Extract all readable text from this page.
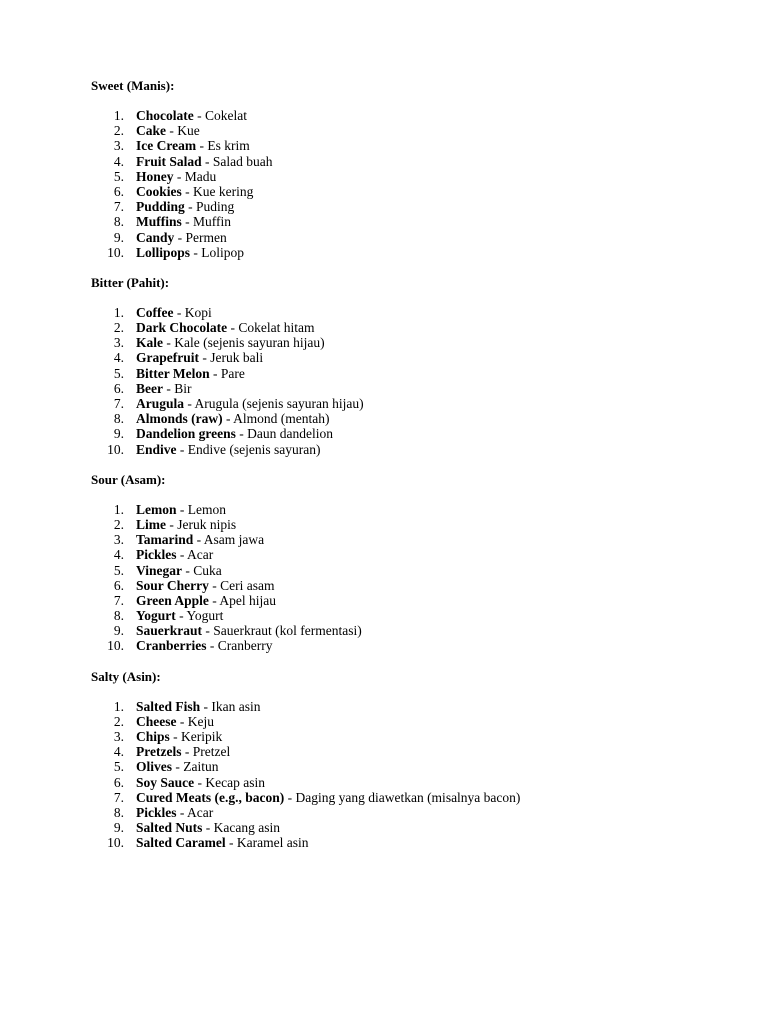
Sweet (Manis):

1. Chocolate - Cokelat
2. Cake - Kue
3. Ice Cream - Es krim
4. Fruit Salad - Salad buah
5. Honey - Madu
6. Cookies - Kue kering
7. Pudding - Puding
8. Muffins - Muffin
9. Candy - Permen
10. Lollipops - Lolipop

Bitter (Pahit):

1. Coffee - Kopi
2. Dark Chocolate - Cokelat hitam
3. Kale - Kale (sejenis sayuran hijau)
4. Grapefruit - Jeruk bali
5. Bitter Melon - Pare
6. Beer - Bir
7. Arugula - Arugula (sejenis sayuran hijau)
8. Almonds (raw) - Almond (mentah)
9. Dandelion greens - Daun dandelion
10. Endive - Endive (sejenis sayuran)

Sour (Asam):

1. Lemon - Lemon
2. Lime - Jeruk nipis
3. Tamarind - Asam jawa
4. Pickles - Acar
5. Vinegar - Cuka
6. Sour Cherry - Ceri asam
7. Green Apple - Apel hijau
8. Yogurt - Yogurt
9. Sauerkraut - Sauerkraut (kol fermentasi)
10. Cranberries - Cranberry

Salty (Asin):

1. Salted Fish - Ikan asin
2. Cheese - Keju
3. Chips - Keripik
4. Pretzels - Pretzel
5. Olives - Zaitun
6. Soy Sauce - Kecap asin
7. Cured Meats (e.g., bacon) - Daging yang diawetkan (misalnya bacon)
8. Pickles - Acar
9. Salted Nuts - Kacang asin
10. Salted Caramel - Karamel asin
